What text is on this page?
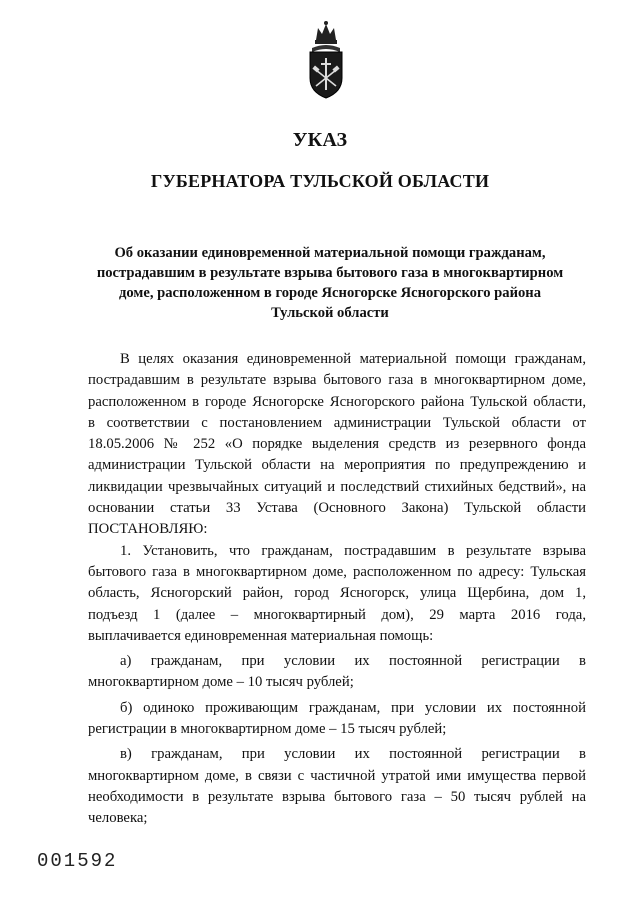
УКАЗ
ГУБЕРНАТОРА ТУЛЬСКОЙ ОБЛАСТИ
Об оказании единовременной материальной помощи гражданам,
пострадавшим в результате взрыва бытового газа в многоквартирном
доме, расположенном в городе Ясногорске Ясногорского района
Тульской области
В целях оказания единовременной материальной помощи гражданам,
пострадавшим в результате взрыва бытового газа в многоквартирном доме,
расположенном в городе Ясногорске Ясногорского района Тульской области,
в соответствии с постановлением администрации Тульской области от
18.05.2006 № 252 «О порядке выделения средств из резервного фонда
администрации Тульской области на мероприятия по предупреждению и
ликвидации чрезвычайных ситуаций и последствий стихийных бедствий», на
основании статьи 33 Устава (Основного Закона) Тульской области
ПОСТАНОВЛЯЮ:
1. Установить, что гражданам, пострадавшим в результате взрыва
бытового газа в многоквартирном доме, расположенном по адресу: Тульская
область, Ясногорский район, город Ясногорск, улица Щербина, дом 1,
подъезд 1 (далее – многоквартирный дом), 29 марта 2016 года,
выплачивается единовременная материальная помощь:
а) гражданам, при условии их постоянной регистрации в
многоквартирном доме – 10 тысяч рублей;
б) одиноко проживающим гражданам, при условии их постоянной
регистрации в многоквартирном доме – 15 тысяч рублей;
в) гражданам, при условии их постоянной регистрации в
многоквартирном доме, в связи с частичной утратой ими имущества первой
необходимости в результате взрыва бытового газа – 50 тысяч рублей на
человека;
001592
